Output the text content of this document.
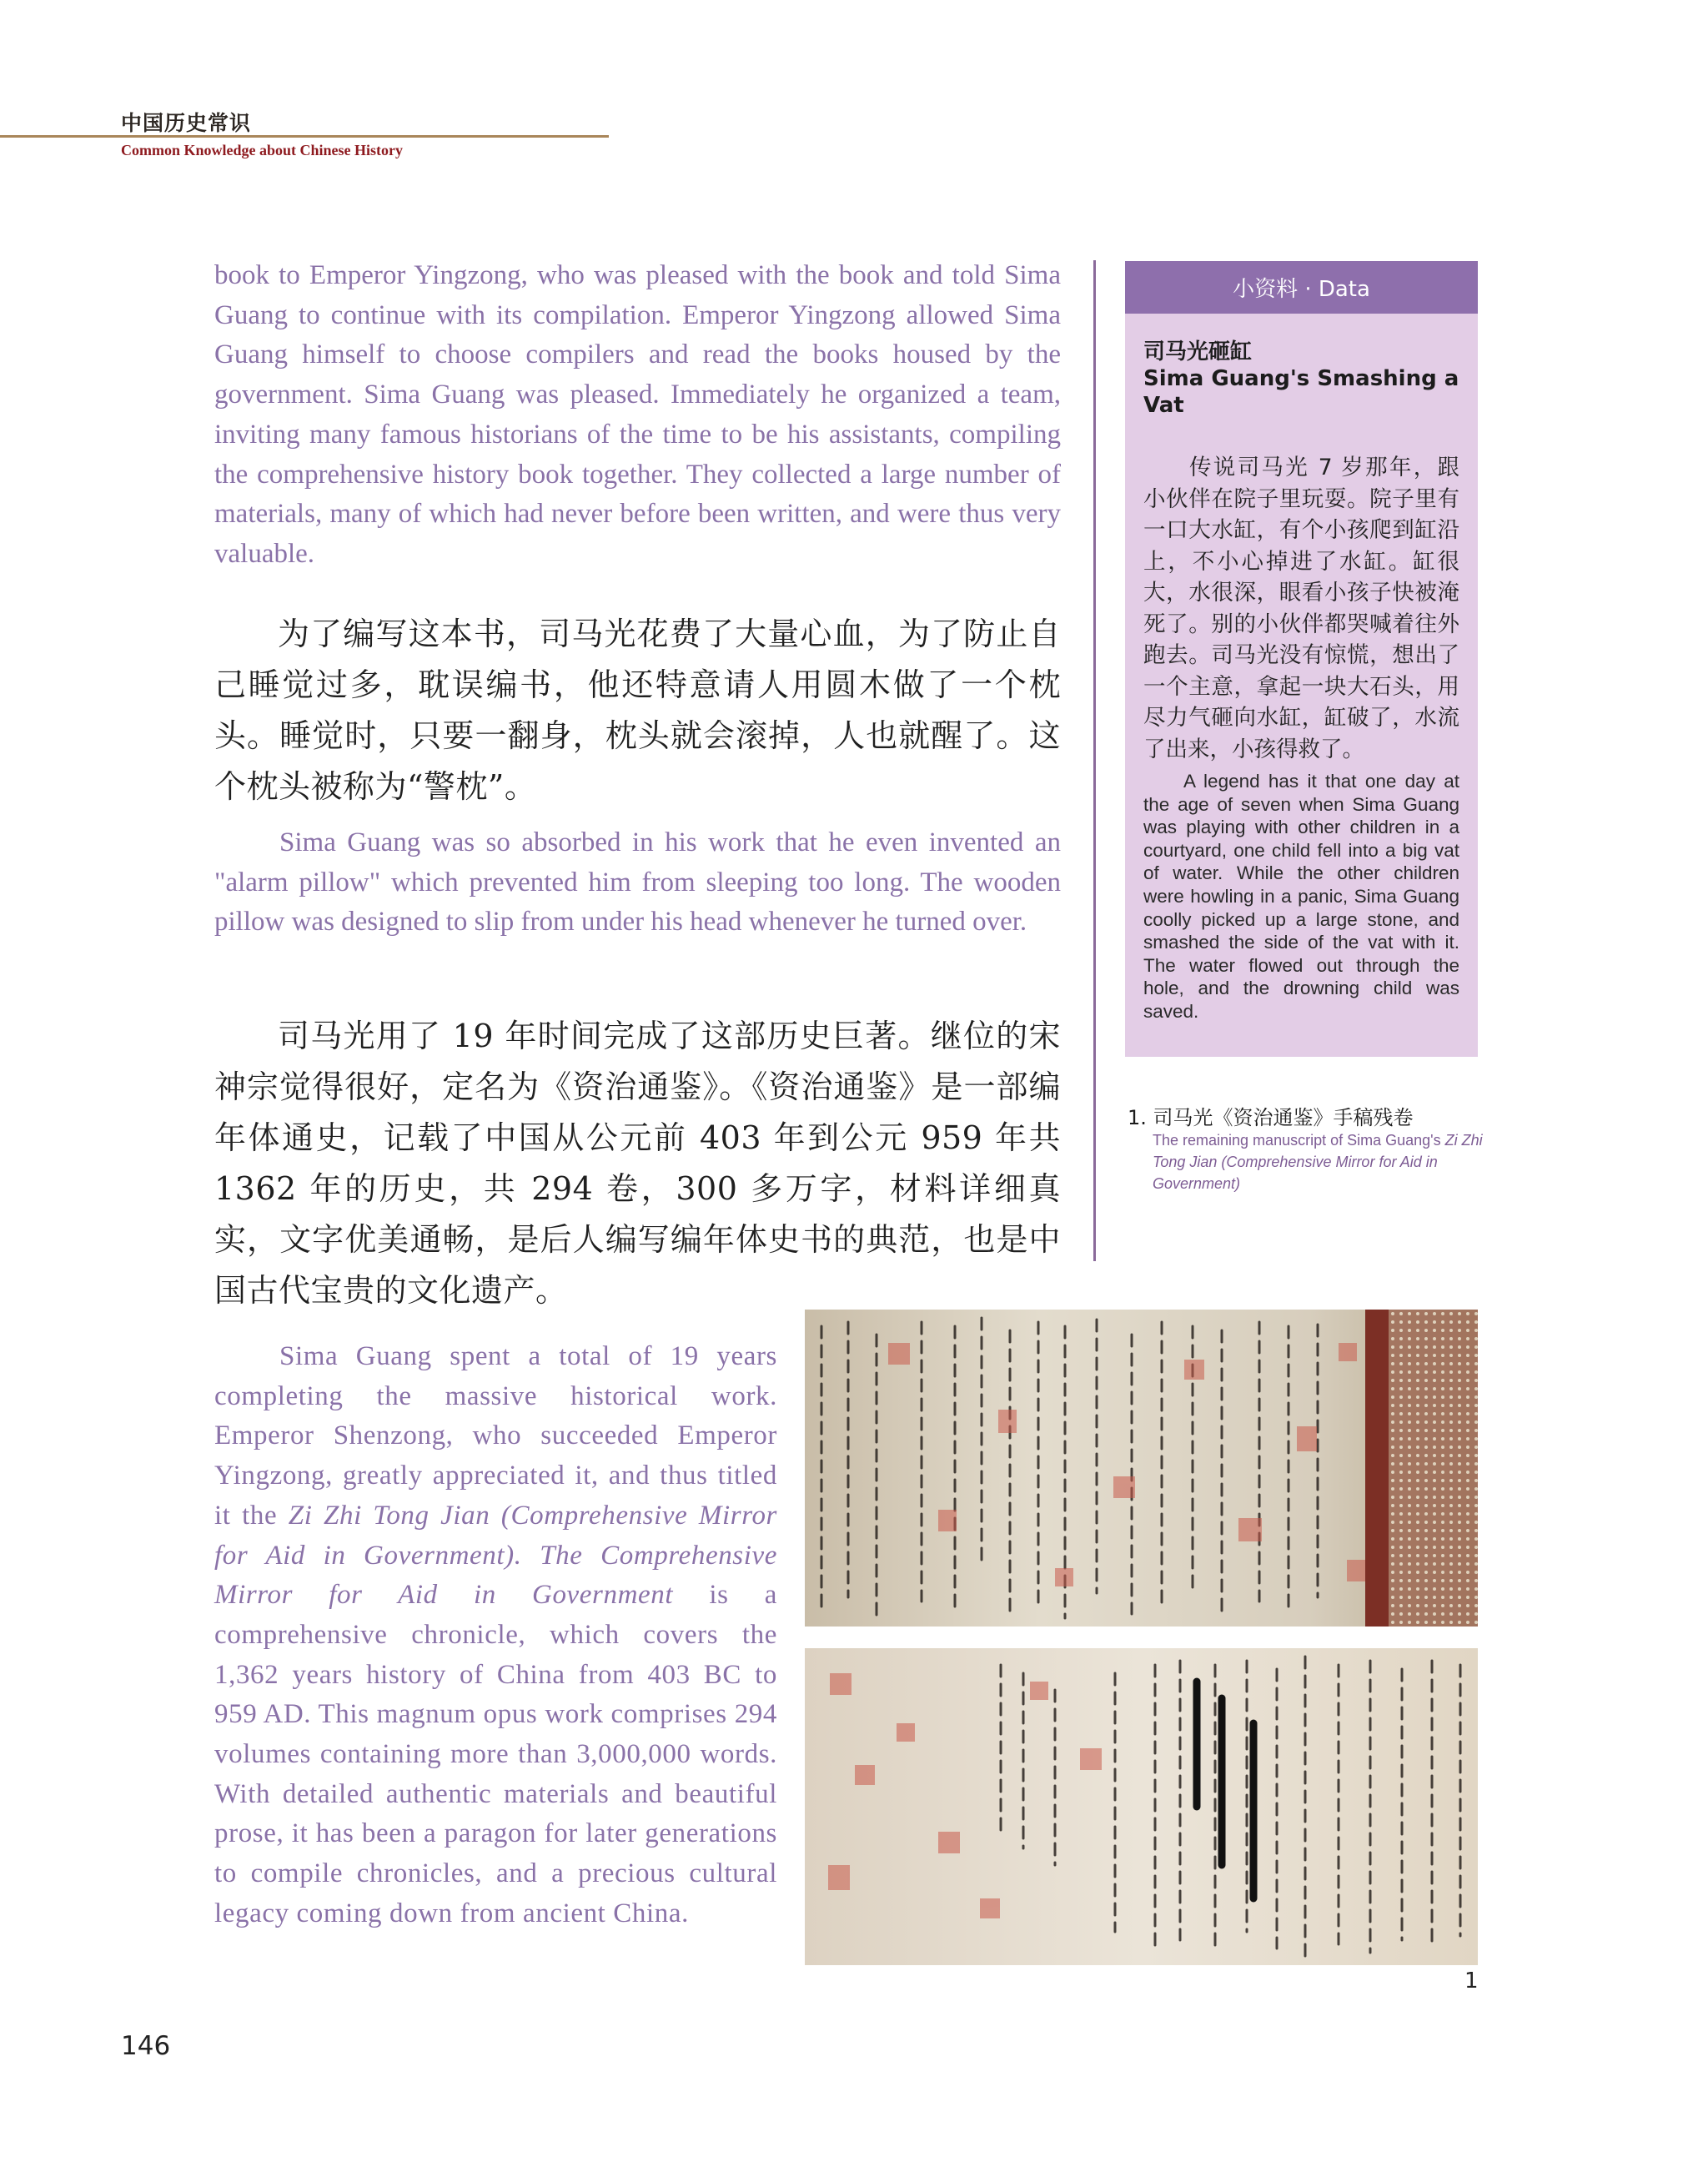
中国历史常识
Common Knowledge about Chinese History

book to Emperor Yingzong, who was pleased with the book and told Sima Guang to continue with its compilation. Emperor Yingzong allowed Sima Guang himself to choose compilers and read the books housed by the government. Sima Guang was pleased. Immediately he organized a team, inviting many famous historians of the time to be his assistants, compiling the comprehensive history book together. They collected a large number of materials, many of which had never before been written, and were thus very valuable.

为了编写这本书，司马光花费了大量心血，为了防止自己睡觉过多，耽误编书，他还特意请人用圆木做了一个枕头。睡觉时，只要一翻身，枕头就会滚掉，人也就醒了。这个枕头被称为“警枕”。

Sima Guang was so absorbed in his work that he even invented an "alarm pillow" which prevented him from sleeping too long. The wooden pillow was designed to slip from under his head whenever he turned over.

司马光用了 19 年时间完成了这部历史巨著。继位的宋神宗觉得很好，定名为《资治通鉴》。《资治通鉴》是一部编年体通史，记载了中国从公元前 403 年到公元 959 年共 1362 年的历史，共 294 卷，300 多万字，材料详细真实，文字优美通畅，是后人编写编年体史书的典范，也是中国古代宝贵的文化遗产。

Sima Guang spent a total of 19 years completing the massive historical work. Emperor Shenzong, who succeeded Emperor Yingzong, greatly appreciated it, and thus titled it the Zi Zhi Tong Jian (Comprehensive Mirror for Aid in Government). The Comprehensive Mirror for Aid in Government is a comprehensive chronicle, which covers the 1,362 years history of China from 403 BC to 959 AD. This magnum opus work comprises 294 volumes containing more than 3,000,000 words. With detailed authentic materials and beautiful prose, it has been a paragon for later generations to compile chronicles, and a precious cultural legacy coming down from ancient China.

小资料 · Data
司马光砸缸
Sima Guang's Smashing a Vat
传说司马光 7 岁那年，跟小伙伴在院子里玩耍。院子里有一口大水缸，有个小孩爬到缸沿上，不小心掉进了水缸。缸很大，水很深，眼看小孩子快被淹死了。别的小伙伴都哭喊着往外跑去。司马光没有惊慌，想出了一个主意，拿起一块大石头，用尽力气砸向水缸，缸破了，水流了出来，小孩得救了。
A legend has it that one day at the age of seven when Sima Guang was playing with other children in a courtyard, one child fell into a big vat of water. While the other children were howling in a panic, Sima Guang coolly picked up a large stone, and smashed the side of the vat with it. The water flowed out through the hole, and the drowning child was saved.
1. 司马光《资治通鉴》手稿残卷
The remaining manuscript of Sima Guang's Zi Zhi Tong Jian (Comprehensive Mirror for Aid in Government)
1
146
